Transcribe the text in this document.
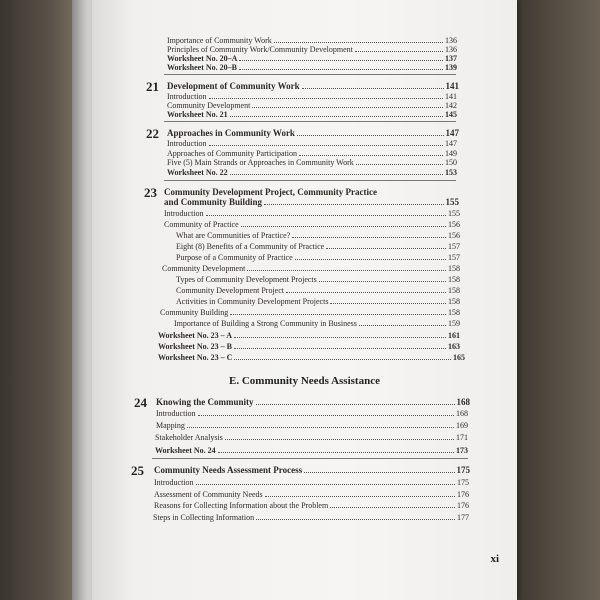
Importance of Community Work	136
Principles of Community Work/Community Development	136
Worksheet No. 20–A	137
Worksheet No. 20–B	139
21 Development of Community Work	141
Introduction	141
Community Development	142
Worksheet No. 21	145
22 Approaches in Community Work	147
Introduction	147
Approaches of Community Participation	149
Five (5) Main Strands or Approaches in Community Work	150
Worksheet No. 22	153
23 Community Development Project, Community Practice
and Community Building	155
Introduction	155
Community of Practice	156
What are Communities of Practice?	156
Eight (8) Benefits of a Community of Practice	157
Purpose of a Community of Practice	157
Community Development	158
Types of Community Development Projects	158
Community Development Project	158
Activities in Community Development Projects	158
Community Building	158
Importance of Building a Strong Community in Business	159
Worksheet No. 23 – A	161
Worksheet No. 23 – B	163
Worksheet No. 23 – C	165
E. Community Needs Assistance
24 Knowing the Community	168
Introduction	168
Mapping	169
Stakeholder Analysis	171
Worksheet No. 24	173
25 Community Needs Assessment Process	175
Introduction	175
Assessment of Community Needs	176
Reasons for Collecting Information about the Problem	176
Steps in Collecting Information	177
xi
